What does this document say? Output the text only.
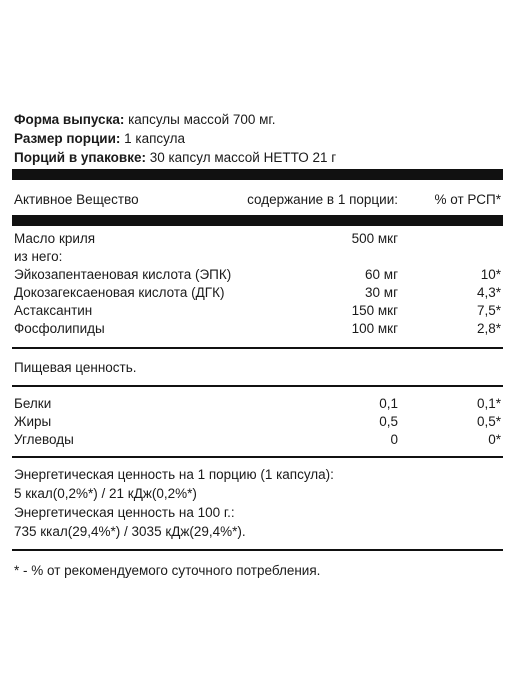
Форма выпуска: капсулы массой 700 мг.
Размер порции: 1 капсула
Порций в упаковке: 30 капсул массой НЕТТО 21 г
Активное Вещество	содержание в 1 порции:	% от РСП*
Масло криля	500 мкг
из него:
Эйкозапентаеновая кислота (ЭПК)	60 мг	10*
Докозагексаеновая кислота (ДГК)	30 мг	4,3*
Астаксантин	150 мкг	7,5*
Фосфолипиды	100 мкг	2,8*
Пищевая ценность.
Белки	0,1	0,1*
Жиры	0,5	0,5*
Углеводы	0	0*
Энергетическая ценность на 1 порцию (1 капсула):
5 ккал(0,2%*) / 21 кДж(0,2%*)
Энергетическая ценность на 100 г.:
735 ккал(29,4%*) / 3035 кДж(29,4%*).
* - % от рекомендуемого суточного потребления.
